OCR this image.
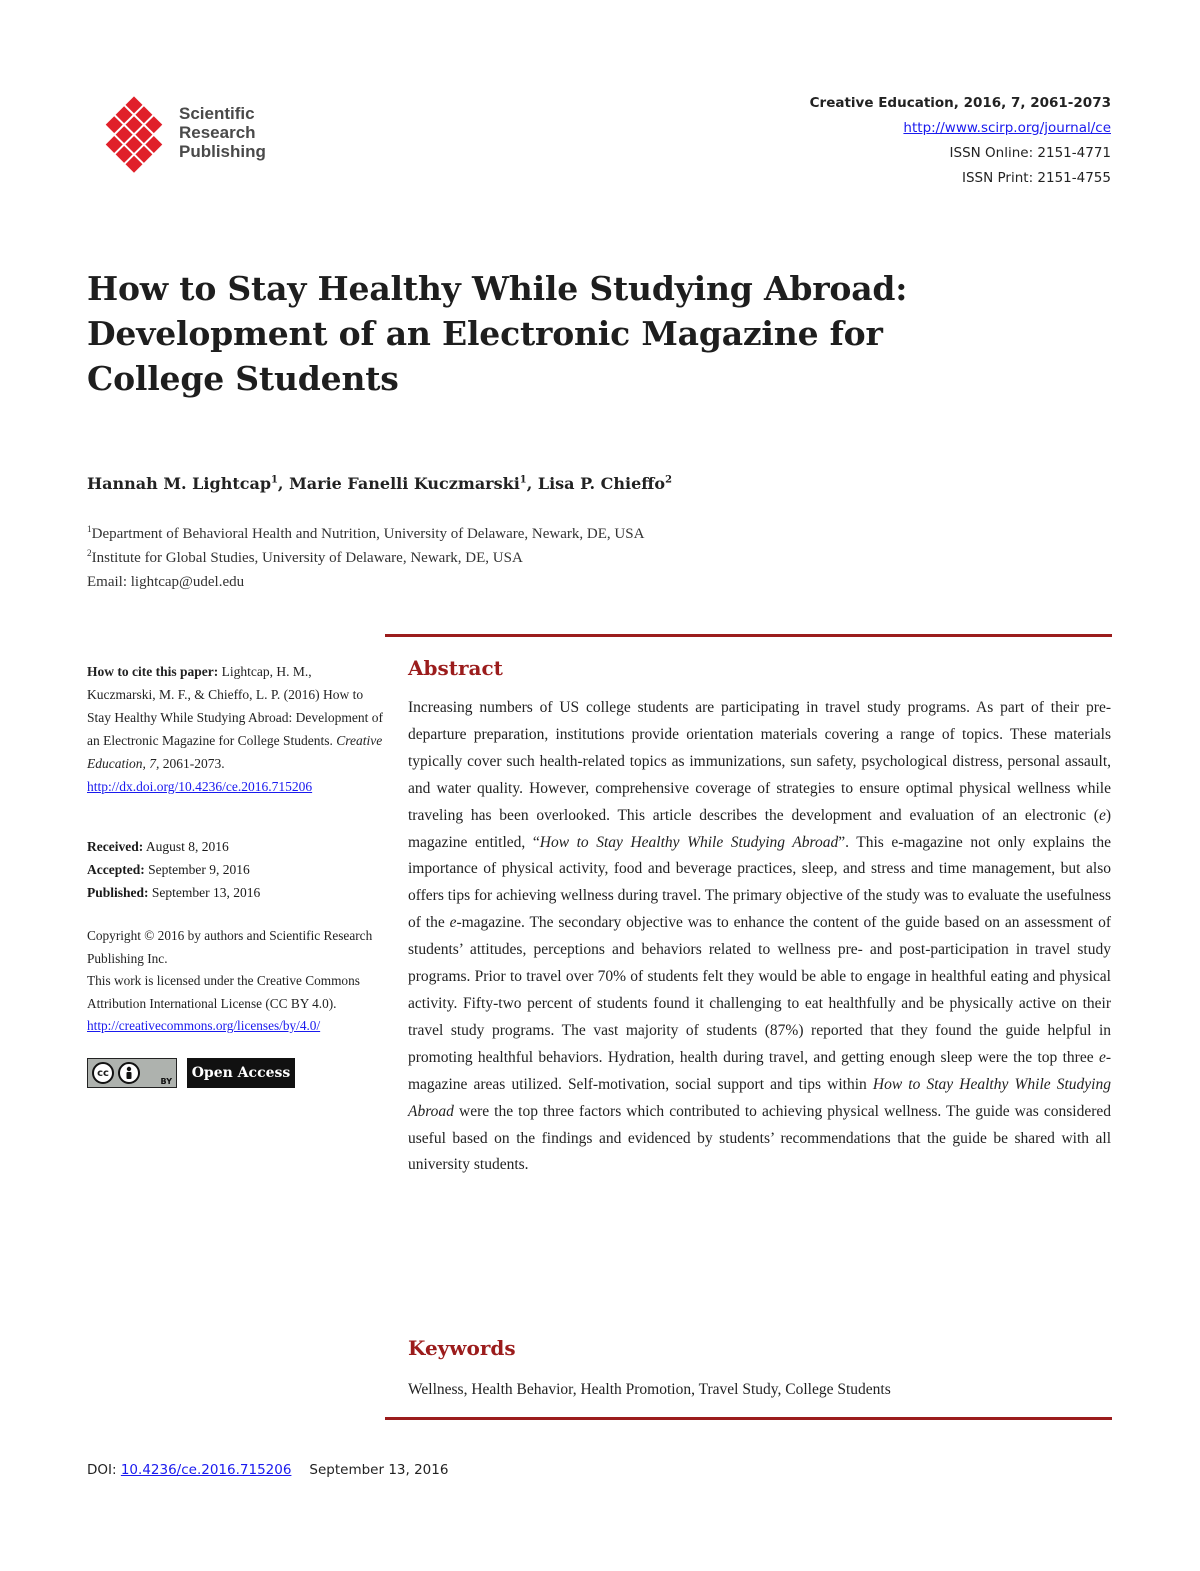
Scientific
Research
Publishing
Creative Education, 2016, 7, 2061-2073
http://www.scirp.org/journal/ce
ISSN Online: 2151-4771
ISSN Print: 2151-4755
How to Stay Healthy While Studying Abroad:
Development of an Electronic Magazine for
College Students
Hannah M. Lightcap$^1$, Marie Fanelli Kuczmarski$^1$, Lisa P. Chieffo$^2$
$^1$Department of Behavioral Health and Nutrition, University of Delaware, Newark, DE, USA
$^2$Institute for Global Studies, University of Delaware, Newark, DE, USA
Email: lightcap@udel.edu

How to cite this paper: Lightcap, H. M., Kuczmarski, M. F., & Chieffo, L. P. (2016) How to Stay Healthy While Studying Abroad: Development of an Electronic Magazine for College Students. Creative Education, 7, 2061-2073.

http://dx.doi.org/10.4236/ce.2016.715206

Received: August 8, 2016
Accepted: September 9, 2016
Published: September 13, 2016

Copyright © 2016 by authors and Scientific Research Publishing Inc.

This work is licensed under the Creative Commons Attribution International License (CC BY 4.0).

http://creativecommons.org/licenses/by/4.0/

cc
BY
Open Access
Abstract

Increasing numbers of US college students are participating in travel study programs. As part of their pre-departure preparation, institutions provide orientation materials covering a range of topics. These materials typically cover such health-related topics as immunizations, sun safety, psychological distress, personal assault, and water quality. However, comprehensive coverage of strategies to ensure optimal physical wellness while traveling has been overlooked. This article describes the development and evaluation of an electronic (e) magazine entitled, “How to Stay Healthy While Studying Abroad”. This e-magazine not only explains the importance of physical activity, food and beverage practices, sleep, and stress and time management, but also offers tips for achieving wellness during travel. The primary objective of the study was to evaluate the usefulness of the e-magazine. The secondary objective was to enhance the content of the guide based on an assessment of students’ attitudes, perceptions and behaviors related to wellness pre- and post-participation in travel study programs. Prior to travel over 70% of students felt they would be able to engage in healthful eating and physical activity. Fifty-two percent of students found it challenging to eat healthfully and be physically active on their travel study programs. The vast majority of students (87%) reported that they found the guide helpful in promoting healthful behaviors. Hydration, health during travel, and getting enough sleep were the top three e-magazine areas utilized. Self-motivation, social support and tips within How to Stay Healthy While Studying Abroad were the top three factors which contributed to achieving physical wellness. The guide was considered useful based on the findings and evidenced by students’ recommendations that the guide be shared with all university students.

Keywords
Wellness, Health Behavior, Health Promotion, Travel Study, College Students
DOI: 10.4236/ce.2016.715206 September 13, 2016
